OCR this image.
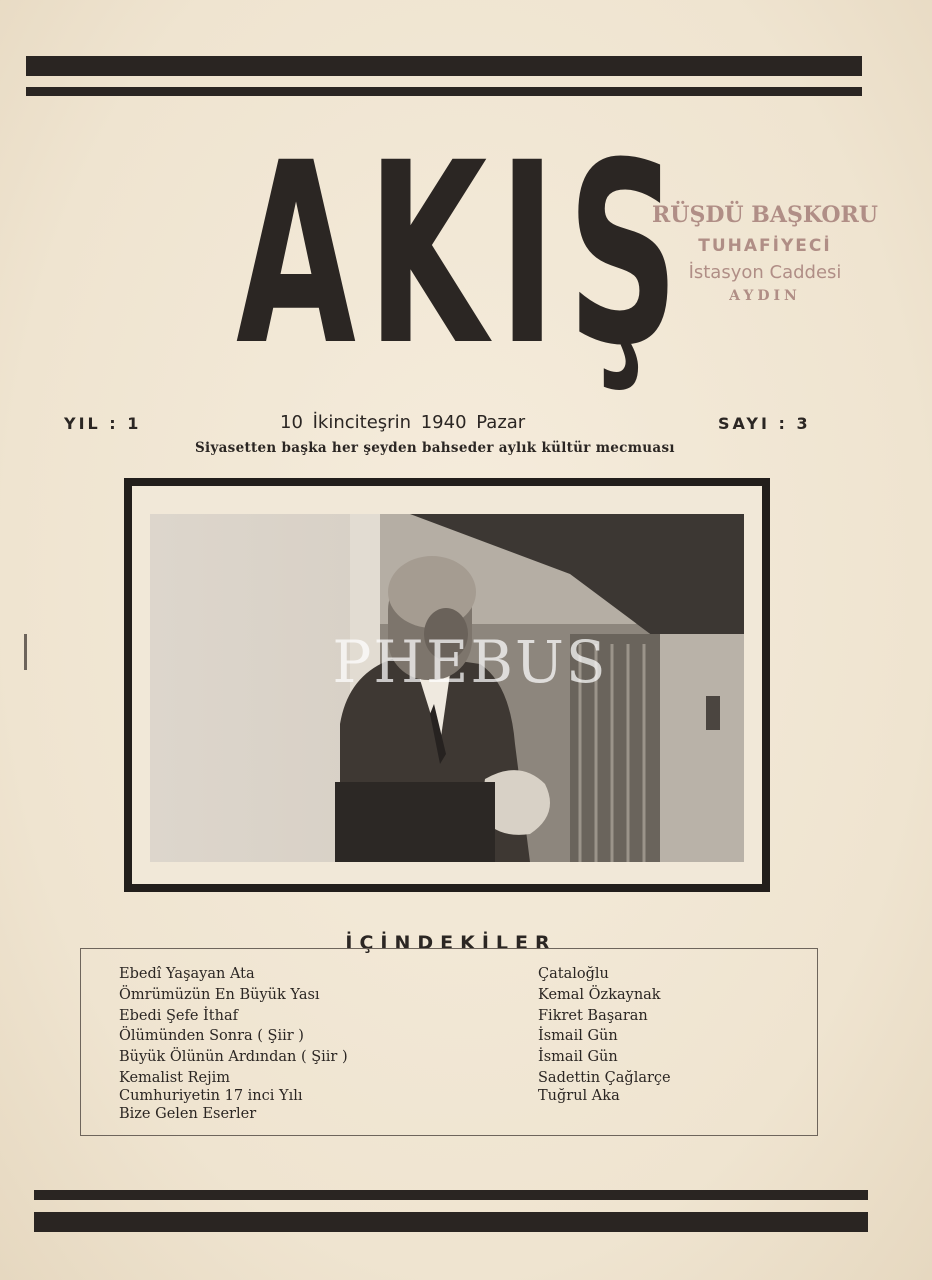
AKIŞ
RÜŞDÜ BAŞKORU
TUHAFİYECİ
İstasyon Caddesi
AYDIN
YIL : 1	10 İkinciteşrin 1940 Pazar	SAYI : 3
Siyasetten başka her şeyden bahseder aylık kültür mecmuası
PHEBUS
İÇİNDEKİLER
Ebedî Yaşayan Ata
Ömrümüzün En Büyük Yası
Ebedi Şefe İthaf
Ölümünden Sonra ( Şiir )
Büyük Ölünün Ardından ( Şiir )
Kemalist Rejim
Cumhuriyetin 17 inci Yılı
Bize Gelen Eserler
Çataloğlu
Kemal Özkaynak
Fikret Başaran
İsmail Gün
İsmail Gün
Sadettin Çağlarçe
Tuğrul Aka
